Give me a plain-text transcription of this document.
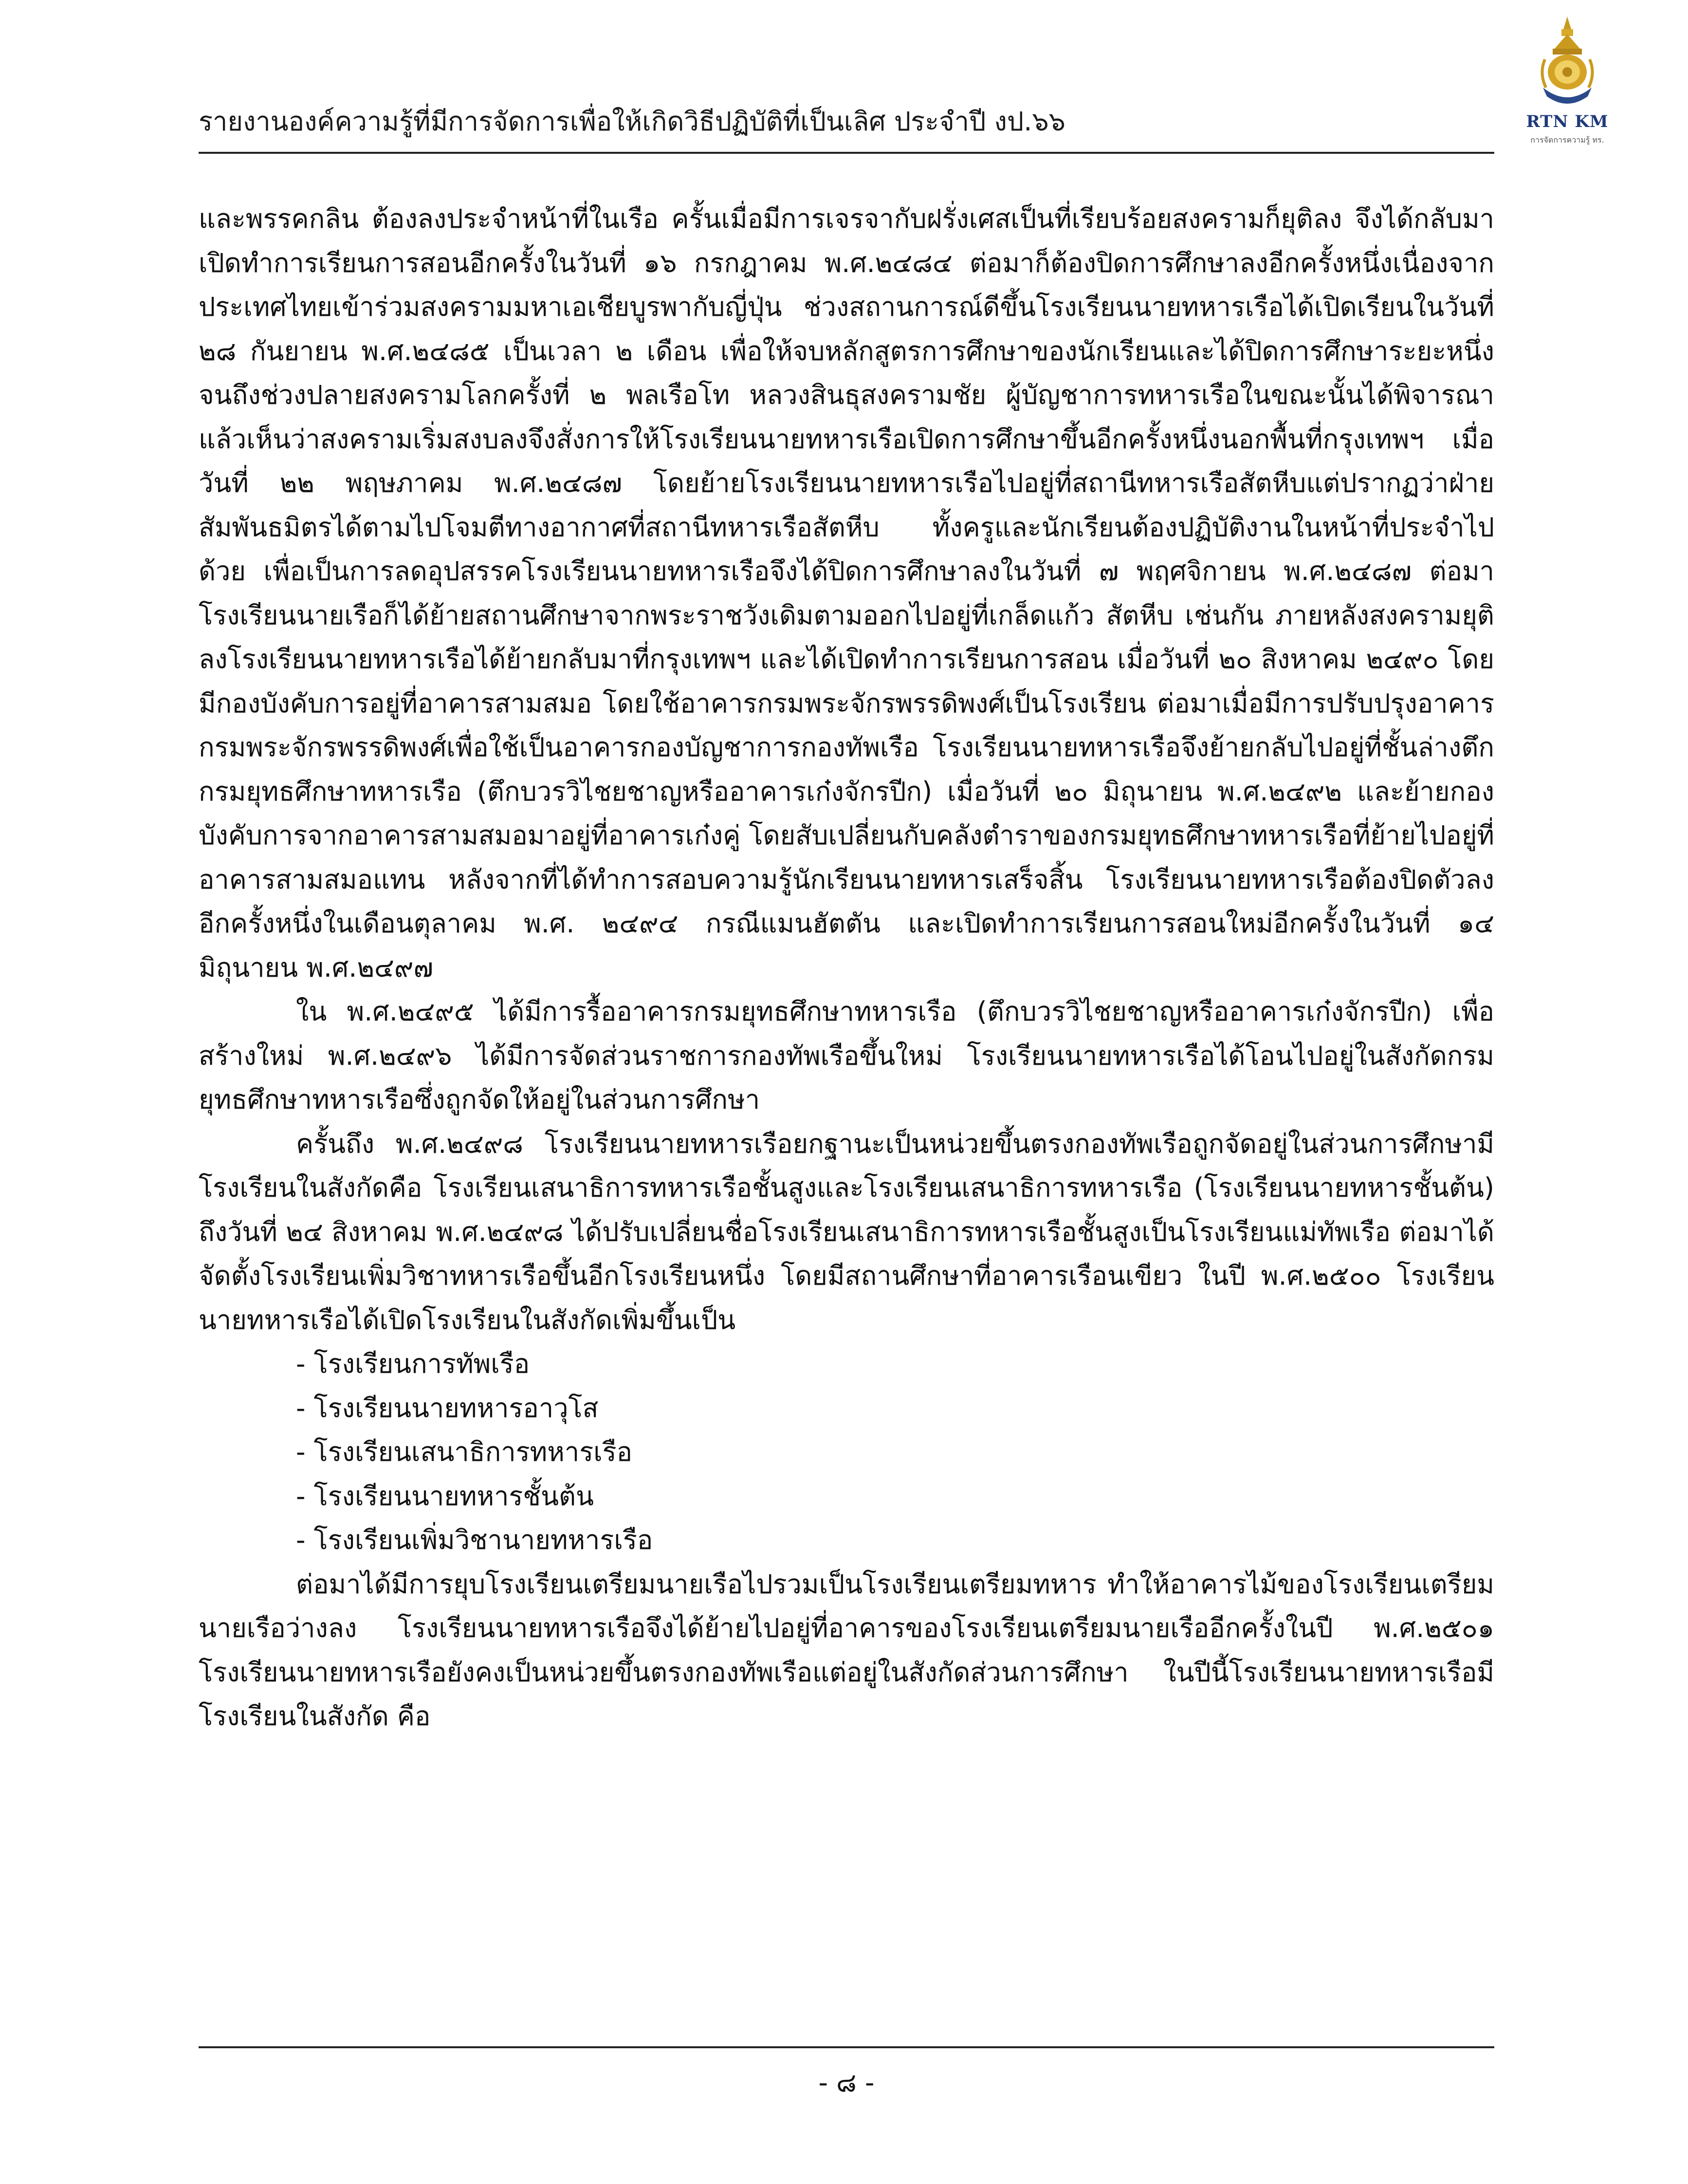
รายงานองค์ความรู้ที่มีการจัดการเพื่อให้เกิดวิธีปฏิบัติที่เป็นเลิศ ประจำปี งป.๖๖	RTN KM
การจัดการความรู้ ทร.

และพรรคกลิน ต้องลงประจำหน้าที่ในเรือ ครั้นเมื่อมีการเจรจากับฝรั่งเศสเป็นที่เรียบร้อยสงครามก็ยุติลง จึงได้กลับมาเปิดทำการเรียนการสอนอีกครั้งในวันที่ ๑๖ กรกฎาคม พ.ศ.๒๔๘๔ ต่อมาก็ต้องปิดการศึกษาลงอีกครั้งหนึ่งเนื่องจากประเทศไทยเข้าร่วมสงครามมหาเอเชียบูรพากับญี่ปุ่น ช่วงสถานการณ์ดีขึ้นโรงเรียนนายทหารเรือได้เปิดเรียนในวันที่ ๒๘ กันยายน พ.ศ.๒๔๘๕ เป็นเวลา ๒ เดือน เพื่อให้จบหลักสูตรการศึกษาของนักเรียนและได้ปิดการศึกษาระยะหนึ่ง จนถึงช่วงปลายสงครามโลกครั้งที่ ๒ พลเรือโท หลวงสินธุสงครามชัย ผู้บัญชาการทหารเรือในขณะนั้นได้พิจารณาแล้วเห็นว่าสงครามเริ่มสงบลงจึงสั่งการให้โรงเรียนนายทหารเรือเปิดการศึกษาขึ้นอีกครั้งหนึ่งนอกพื้นที่กรุงเทพฯ เมื่อวันที่ ๒๒ พฤษภาคม พ.ศ.๒๔๘๗ โดยย้ายโรงเรียนนายทหารเรือไปอยู่ที่สถานีทหารเรือสัตหีบแต่ปรากฏว่าฝ่ายสัมพันธมิตรได้ตามไปโจมตีทางอากาศที่สถานีทหารเรือสัตหีบ ทั้งครูและนักเรียนต้องปฏิบัติงานในหน้าที่ประจำไปด้วย เพื่อเป็นการลดอุปสรรคโรงเรียนนายทหารเรือจึงได้ปิดการศึกษาลงในวันที่ ๗ พฤศจิกายน พ.ศ.๒๔๘๗ ต่อมาโรงเรียนนายเรือก็ได้ย้ายสถานศึกษาจากพระราชวังเดิมตามออกไปอยู่ที่เกล็ดแก้ว สัตหีบ เช่นกัน ภายหลังสงครามยุติลงโรงเรียนนายทหารเรือได้ย้ายกลับมาที่กรุงเทพฯ และได้เปิดทำการเรียนการสอน เมื่อวันที่ ๒๐ สิงหาคม ๒๔๙๐ โดยมีกองบังคับการอยู่ที่อาคารสามสมอ โดยใช้อาคารกรมพระจักรพรรดิพงศ์เป็นโรงเรียน ต่อมาเมื่อมีการปรับปรุงอาคารกรมพระจักรพรรดิพงศ์เพื่อใช้เป็นอาคารกองบัญชาการกองทัพเรือ โรงเรียนนายทหารเรือจึงย้ายกลับไปอยู่ที่ชั้นล่างตึกกรมยุทธศึกษาทหารเรือ (ตึกบวรวิไชยชาญหรืออาคารเก๋งจักรปีก) เมื่อวันที่ ๒๐ มิถุนายน พ.ศ.๒๔๙๒ และย้ายกองบังคับการจากอาคารสามสมอมาอยู่ที่อาคารเก๋งคู่ โดยสับเปลี่ยนกับคลังตำราของกรมยุทธศึกษาทหารเรือที่ย้ายไปอยู่ที่อาคารสามสมอแทน หลังจากที่ได้ทำการสอบความรู้นักเรียนนายทหารเสร็จสิ้น โรงเรียนนายทหารเรือต้องปิดตัวลงอีกครั้งหนึ่งในเดือนตุลาคม พ.ศ. ๒๔๙๔ กรณีแมนฮัตตัน และเปิดทำการเรียนการสอนใหม่อีกครั้งในวันที่ ๑๔ มิถุนายน พ.ศ.๒๔๙๗

ใน พ.ศ.๒๔๙๕ ได้มีการรื้ออาคารกรมยุทธศึกษาทหารเรือ (ตึกบวรวิไชยชาญหรืออาคารเก๋งจักรปีก) เพื่อสร้างใหม่ พ.ศ.๒๔๙๖ ได้มีการจัดส่วนราชการกองทัพเรือขึ้นใหม่ โรงเรียนนายทหารเรือได้โอนไปอยู่ในสังกัดกรมยุทธศึกษาทหารเรือซึ่งถูกจัดให้อยู่ในส่วนการศึกษา

ครั้นถึง พ.ศ.๒๔๙๘ โรงเรียนนายทหารเรือยกฐานะเป็นหน่วยขึ้นตรงกองทัพเรือถูกจัดอยู่ในส่วนการศึกษามีโรงเรียนในสังกัดคือ โรงเรียนเสนาธิการทหารเรือชั้นสูงและโรงเรียนเสนาธิการทหารเรือ (โรงเรียนนายทหารชั้นต้น) ถึงวันที่ ๒๔ สิงหาคม พ.ศ.๒๔๙๘ ได้ปรับเปลี่ยนชื่อโรงเรียนเสนาธิการทหารเรือชั้นสูงเป็นโรงเรียนแม่ทัพเรือ ต่อมาได้จัดตั้งโรงเรียนเพิ่มวิชาทหารเรือขึ้นอีกโรงเรียนหนึ่ง โดยมีสถานศึกษาที่อาคารเรือนเขียว ในปี พ.ศ.๒๕๐๐ โรงเรียนนายทหารเรือได้เปิดโรงเรียนในสังกัดเพิ่มขึ้นเป็น

- โรงเรียนการทัพเรือ
- โรงเรียนนายทหารอาวุโส
- โรงเรียนเสนาธิการทหารเรือ
- โรงเรียนนายทหารชั้นต้น
- โรงเรียนเพิ่มวิชานายทหารเรือ

ต่อมาได้มีการยุบโรงเรียนเตรียมนายเรือไปรวมเป็นโรงเรียนเตรียมทหาร ทำให้อาคารไม้ของโรงเรียนเตรียมนายเรือว่างลง โรงเรียนนายทหารเรือจึงได้ย้ายไปอยู่ที่อาคารของโรงเรียนเตรียมนายเรืออีกครั้งในปี พ.ศ.๒๕๐๑ โรงเรียนนายทหารเรือยังคงเป็นหน่วยขึ้นตรงกองทัพเรือแต่อยู่ในสังกัดส่วนการศึกษา ในปีนี้โรงเรียนนายทหารเรือมีโรงเรียนในสังกัด คือ

- ๘ -
